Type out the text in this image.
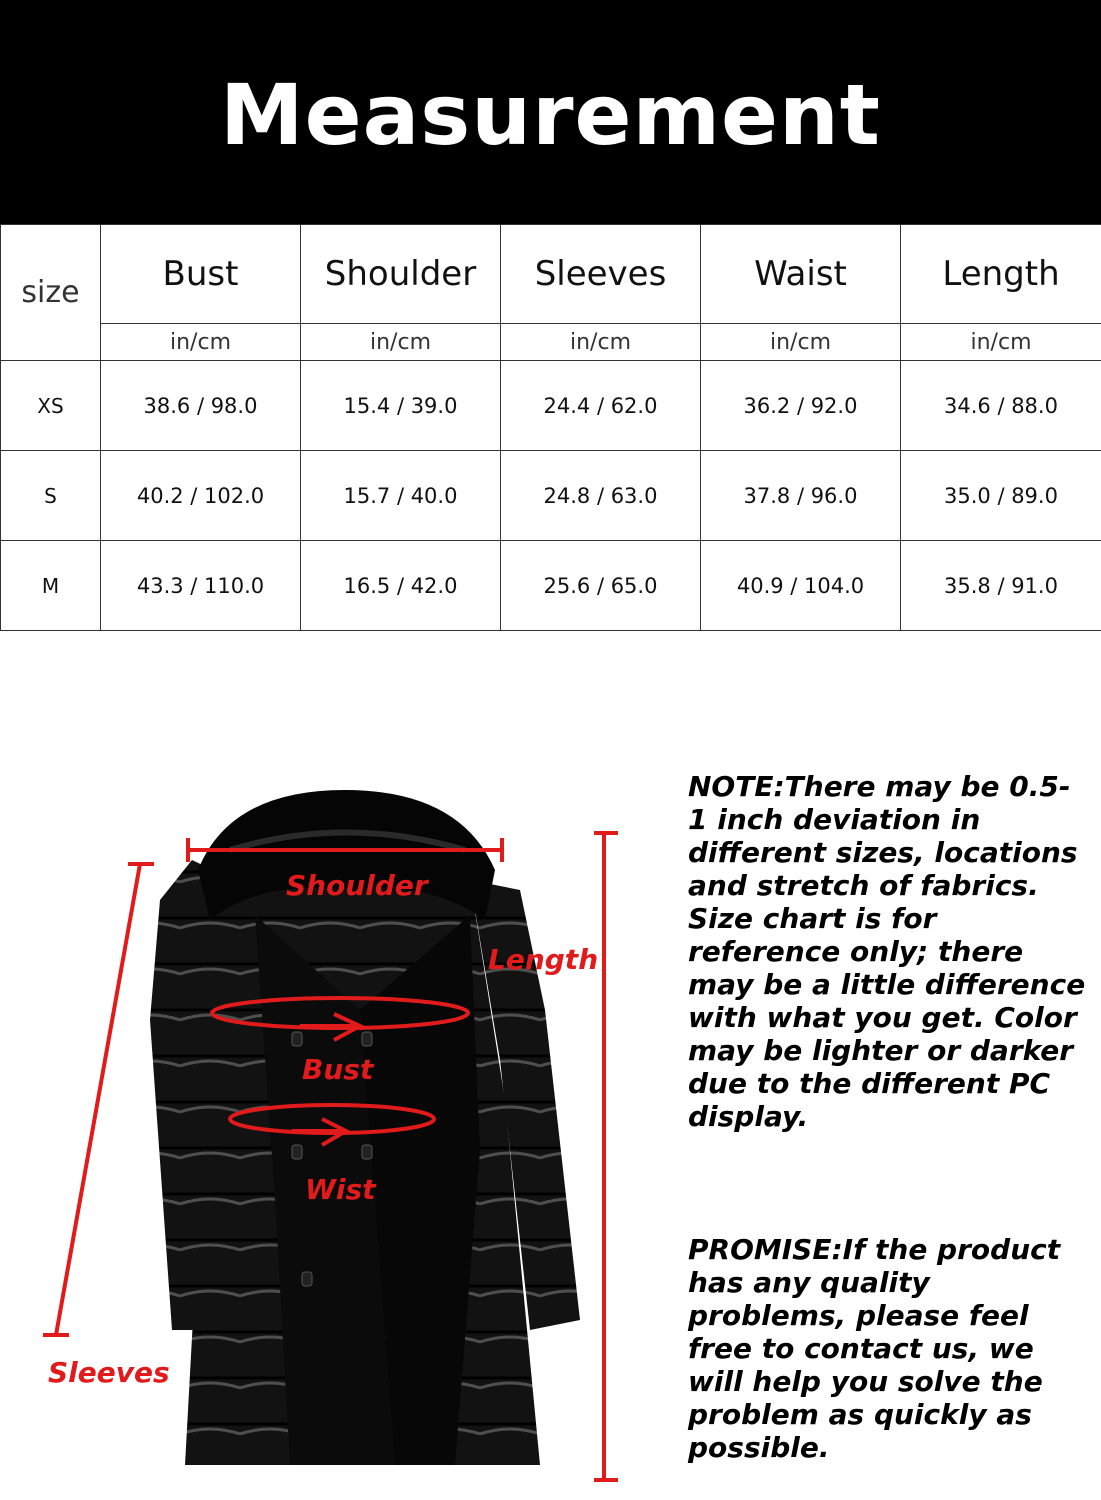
Measurement
size	Bust	Shoulder	Sleeves	Waist	Length
	in/cm	in/cm	in/cm	in/cm	in/cm
XS	38.6 / 98.0	15.4 / 39.0	24.4 / 62.0	36.2 / 92.0	34.6 / 88.0
S	40.2 / 102.0	15.7 / 40.0	24.8 / 63.0	37.8 / 96.0	35.0 / 89.0
M	43.3 / 110.0	16.5 / 42.0	25.6 / 65.0	40.9 / 104.0	35.8 / 91.0
Shoulder
Length
Sleeves
Bust
Wist
NOTE:There may be 0.5-1 inch deviation in different sizes, locations and stretch of fabrics. Size chart is for reference only; there may be a little difference with what you get. Color may be lighter or darker due to the different PC display.
PROMISE:If the product has any quality problems, please feel free to contact us, we will help you solve the problem as quickly as possible.
